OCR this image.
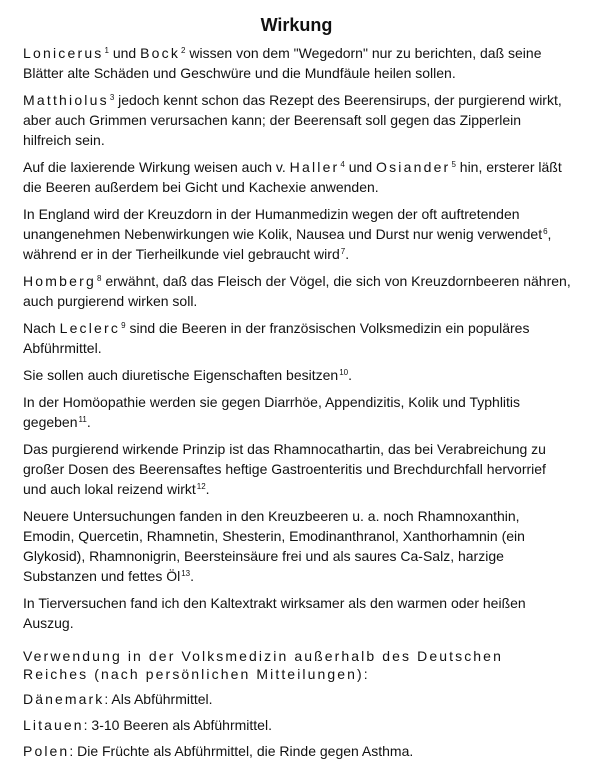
Wirkung

Lonicerus$^1$ und Bock$^2$ wissen von dem "Wegedorn" nur zu berichten, daß seine Blätter alte Schäden und Geschwüre und die Mundfäule heilen sollen.

Matthiolus$^3$ jedoch kennt schon das Rezept des Beerensirups, der purgierend wirkt, aber auch Grimmen verursachen kann; der Beerensaft soll gegen das Zipperlein hilfreich sein.

Auf die laxierende Wirkung weisen auch v. Haller$^4$ und Osiander$^5$ hin, ersterer läßt die Beeren außerdem bei Gicht und Kachexie anwenden.

In England wird der Kreuzdorn in der Humanmedizin wegen der oft auftretenden unangenehmen Nebenwirkungen wie Kolik, Nausea und Durst nur wenig verwendet$^6$, während er in der Tierheilkunde viel gebraucht wird$^7$.

Homberg$^8$ erwähnt, daß das Fleisch der Vögel, die sich von Kreuzdornbeeren nähren, auch purgierend wirken soll.

Nach Leclerc$^9$ sind die Beeren in der französischen Volksmedizin ein populäres Abführmittel.

Sie sollen auch diuretische Eigenschaften besitzen$^{10}$.

In der Homöopathie werden sie gegen Diarrhöe, Appendizitis, Kolik und Typhlitis gegeben$^{11}$.

Das purgierend wirkende Prinzip ist das Rhamnocathartin, das bei Verabreichung zu großer Dosen des Beerensaftes heftige Gastroenteritis und Brechdurchfall hervorrief und auch lokal reizend wirkt$^{12}$.

Neuere Untersuchungen fanden in den Kreuzbeeren u. a. noch Rhamnoxanthin, Emodin, Quercetin, Rhamnetin, Shesterin, Emodinanthranol, Xanthorhamnin (ein Glykosid), Rhamnonigrin, Beersteinsäure frei und als saures Ca-Salz, harzige Substanzen und fettes $Öl^{13}$.

In Tierversuchen fand ich den Kaltextrakt wirksamer als den warmen oder heißen Auszug.

Verwendung in der Volksmedizin außerhalb des Deutschen Reiches (nach persönlichen Mitteilungen):
Dänemark: Als Abführmittel.
Litauen: 3-10 Beeren als Abführmittel.
Polen: Die Früchte als Abführmittel, die Rinde gegen Asthma.
